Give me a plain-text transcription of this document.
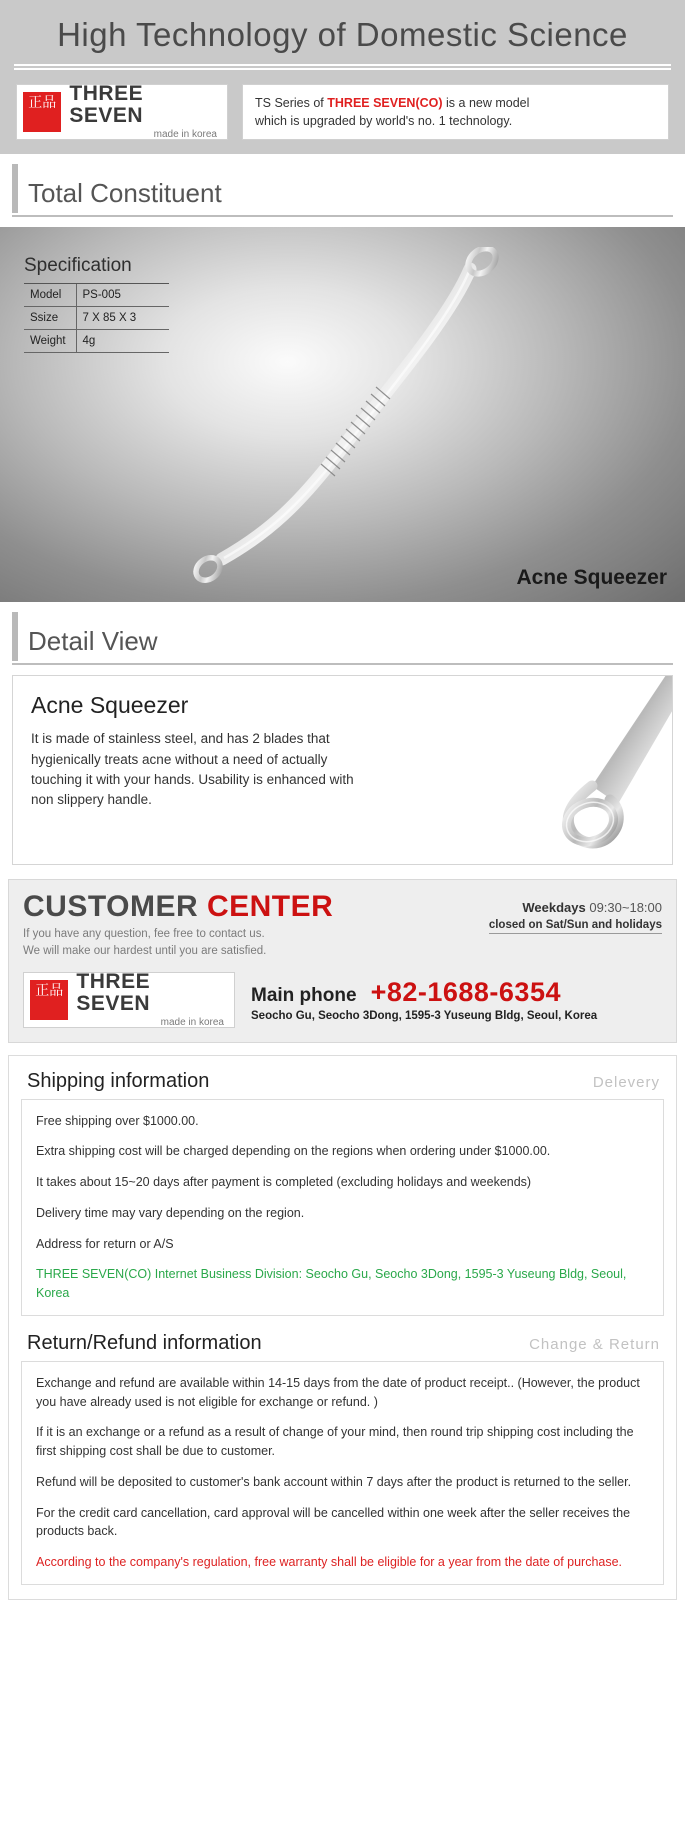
High Technology of Domestic Science
正品 THREE SEVEN
made in korea
TS Series of THREE SEVEN(CO) is a new model
which is upgraded by world's no. 1 technology.
Total Constituent
Specification
Model	PS-005
Ssize	7 X 85 X 3
Weight	4g
Acne Squeezer
Detail View
Acne Squeezer
It is made of stainless steel, and has 2 blades that hygienically treats acne without a need of actually touching it with your hands. Usability is enhanced with non slippery handle.
CUSTOMER CENTER
If you have any question, fee free to contact us.
We will make our hardest until you are satisfied.
Weekdays 09:30~18:00
closed on Sat/Sun and holidays
正品 THREE SEVEN
made in korea
Main phone +82-1688-6354
Seocho Gu, Seocho 3Dong, 1595-3 Yuseung Bldg, Seoul, Korea
Shipping information	Delevery

Free shipping over $1000.00.

Extra shipping cost will be charged depending on the regions when ordering under $1000.00.

It takes about 15~20 days after payment is completed (excluding holidays and weekends)

Delivery time may vary depending on the region.

Address for return or A/S

THREE SEVEN(CO) Internet Business Division: Seocho Gu, Seocho 3Dong, 1595-3 Yuseung Bldg, Seoul, Korea

Return/Refund information	Change & Return

Exchange and refund are available within 14-15 days from the date of product receipt.. (However, the product you have already used is not eligible for exchange or refund. )

If it is an exchange or a refund as a result of change of your mind, then round trip shipping cost including the first shipping cost shall be due to customer.

Refund will be deposited to customer's bank account within 7 days after the product is returned to the seller.

For the credit card cancellation, card approval will be cancelled within one week after the seller receives the products back.

According to the company's regulation, free warranty shall be eligible for a year from the date of purchase.
